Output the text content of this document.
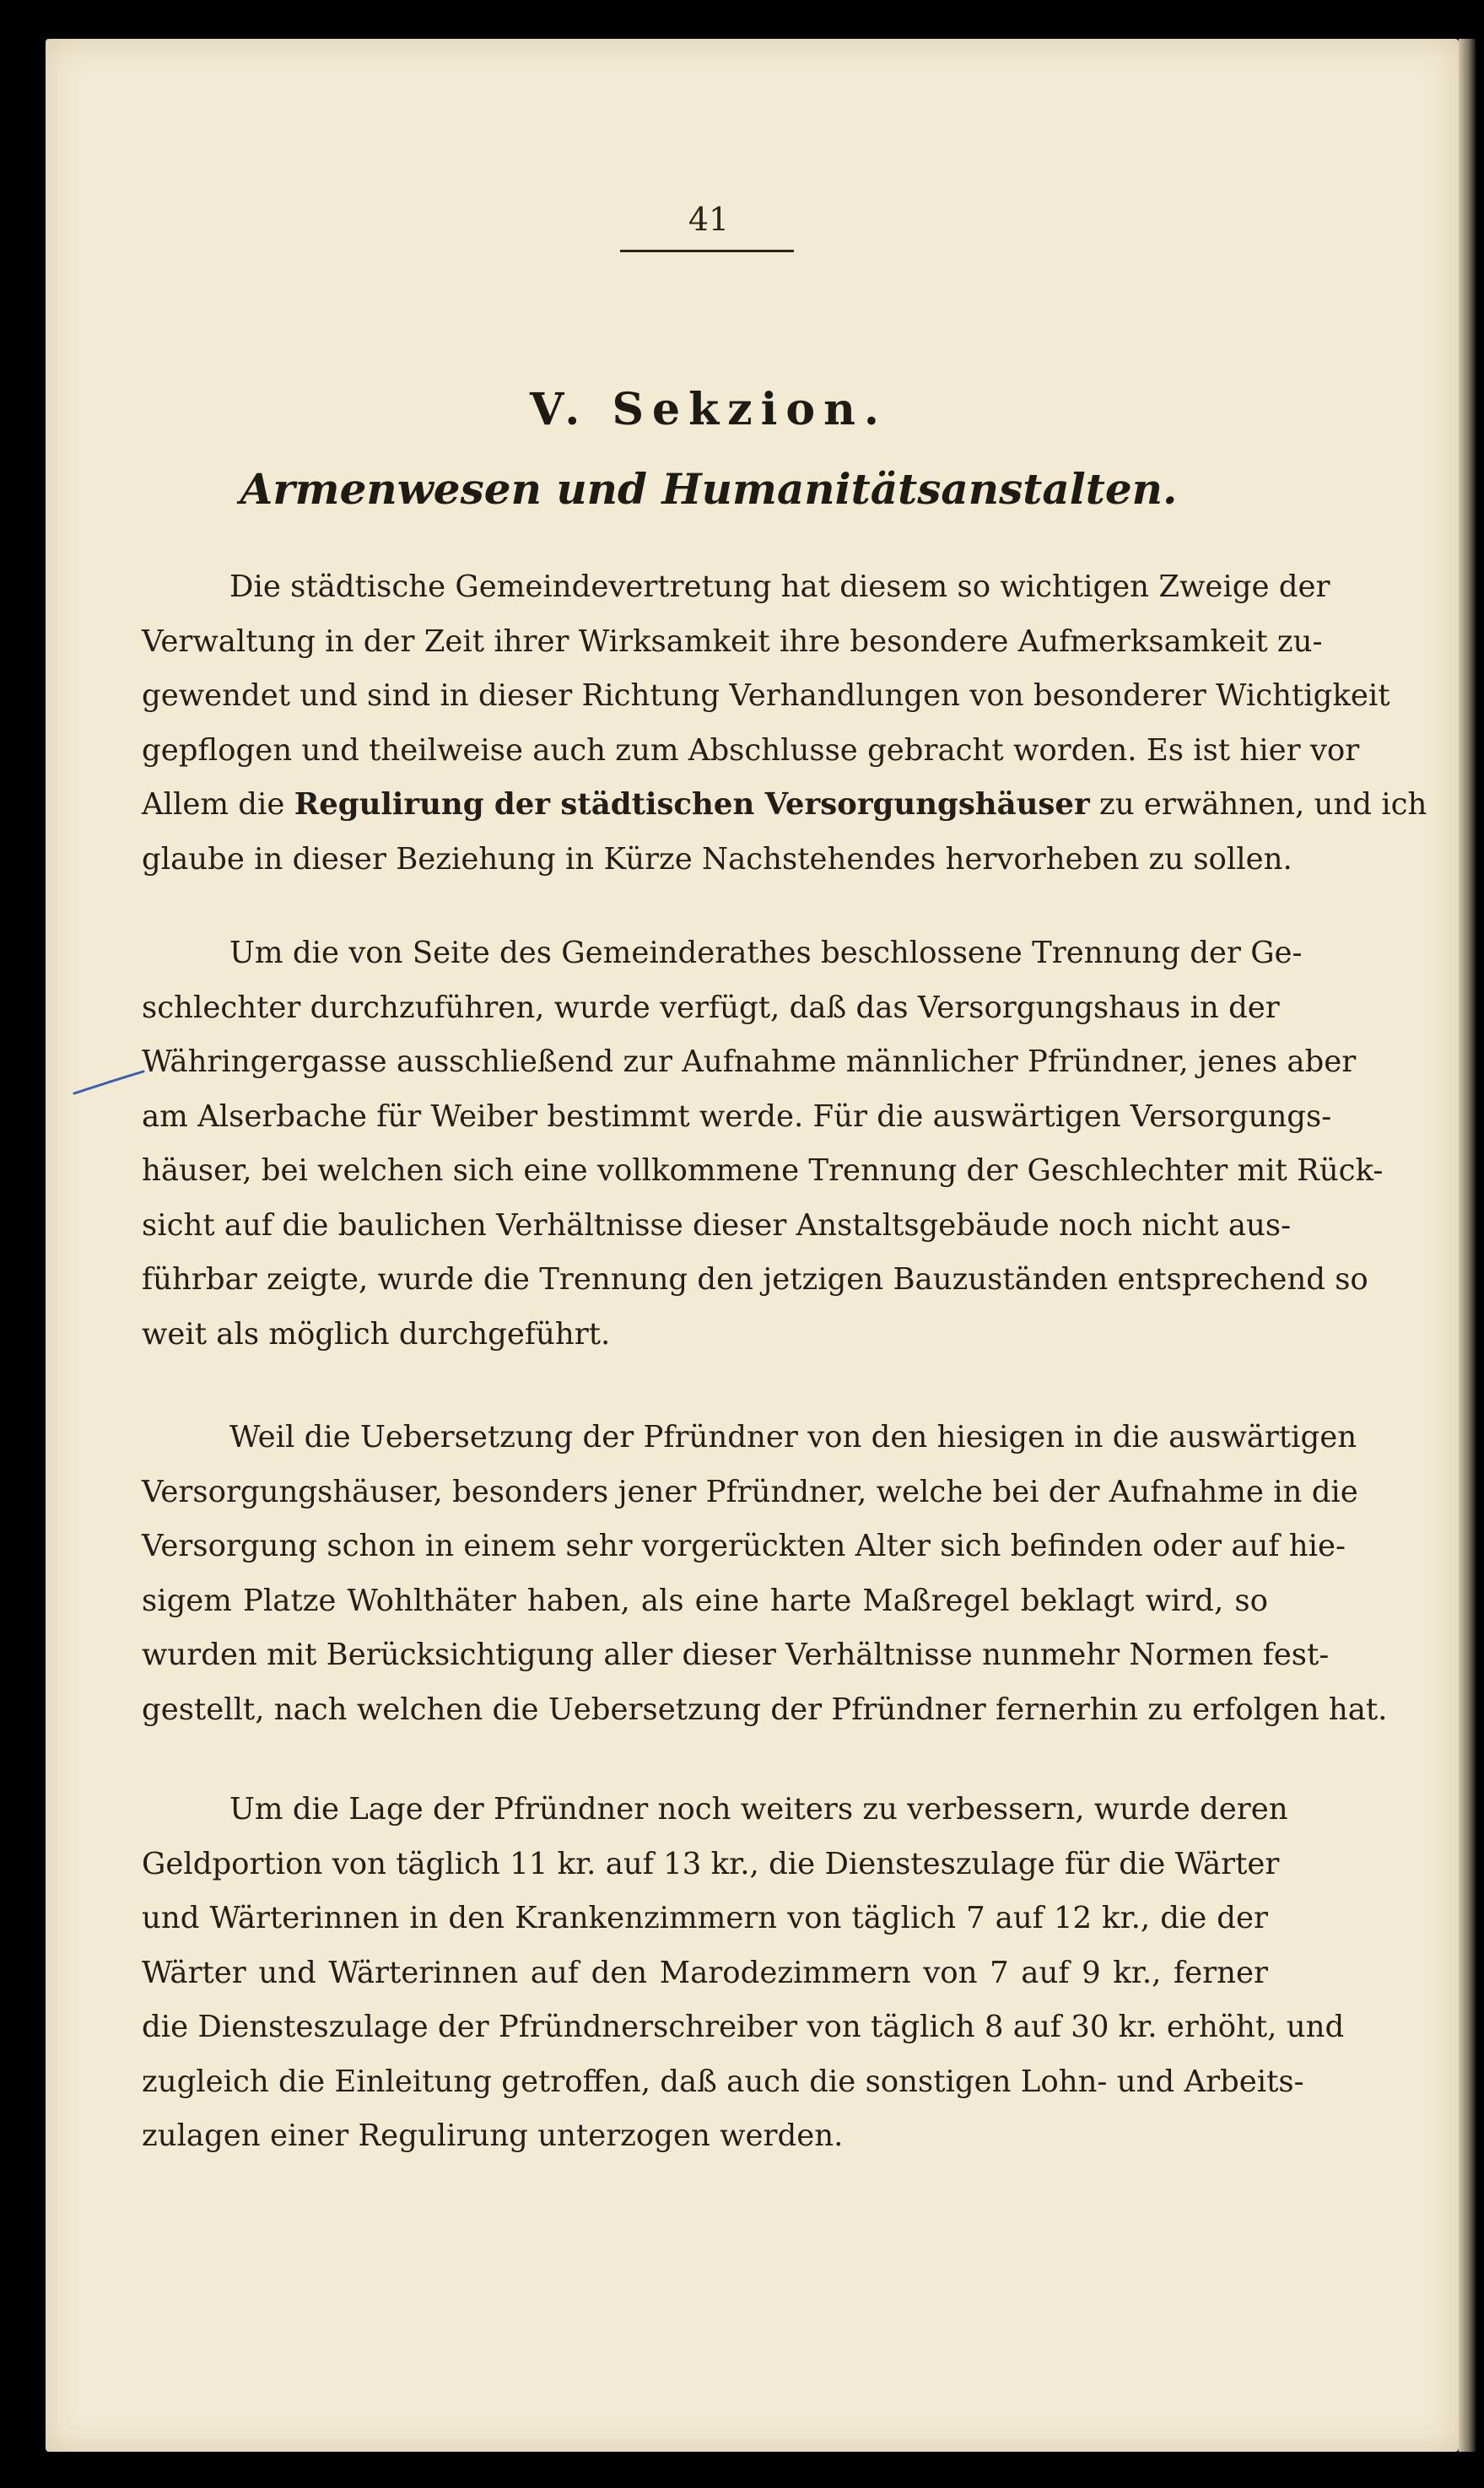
41
V. Sekzion.
Armenwesen und Humanitätsanstalten.
Die städtische Gemeindevertretung hat diesem so wichtigen Zweige der
Verwaltung in der Zeit ihrer Wirksamkeit ihre besondere Aufmerksamkeit zu-
gewendet und sind in dieser Richtung Verhandlungen von besonderer Wichtigkeit
gepflogen und theilweise auch zum Abschlusse gebracht worden. Es ist hier vor
Allem die Regulirung der städtischen Versorgungshäuser zu erwähnen, und ich
glaube in dieser Beziehung in Kürze Nachstehendes hervorheben zu sollen.
Um die von Seite des Gemeinderathes beschlossene Trennung der Ge-
schlechter durchzuführen, wurde verfügt, daß das Versorgungshaus in der
Währingergasse ausschließend zur Aufnahme männlicher Pfründner, jenes aber
am Alserbache für Weiber bestimmt werde. Für die auswärtigen Versorgungs-
häuser, bei welchen sich eine vollkommene Trennung der Geschlechter mit Rück-
sicht auf die baulichen Verhältnisse dieser Anstaltsgebäude noch nicht aus-
führbar zeigte, wurde die Trennung den jetzigen Bauzuständen entsprechend so
weit als möglich durchgeführt.
Weil die Uebersetzung der Pfründner von den hiesigen in die auswärtigen
Versorgungshäuser, besonders jener Pfründner, welche bei der Aufnahme in die
Versorgung schon in einem sehr vorgerückten Alter sich befinden oder auf hie-
sigem Platze Wohlthäter haben, als eine harte Maßregel beklagt wird, so
wurden mit Berücksichtigung aller dieser Verhältnisse nunmehr Normen fest-
gestellt, nach welchen die Uebersetzung der Pfründner fernerhin zu erfolgen hat.
Um die Lage der Pfründner noch weiters zu verbessern, wurde deren
Geldportion von täglich 11 kr. auf 13 kr., die Diensteszulage für die Wärter
und Wärterinnen in den Krankenzimmern von täglich 7 auf 12 kr., die der
Wärter und Wärterinnen auf den Marodezimmern von 7 auf 9 kr., ferner
die Diensteszulage der Pfründnerschreiber von täglich 8 auf 30 kr. erhöht, und
zugleich die Einleitung getroffen, daß auch die sonstigen Lohn- und Arbeits-
zulagen einer Regulirung unterzogen werden.
